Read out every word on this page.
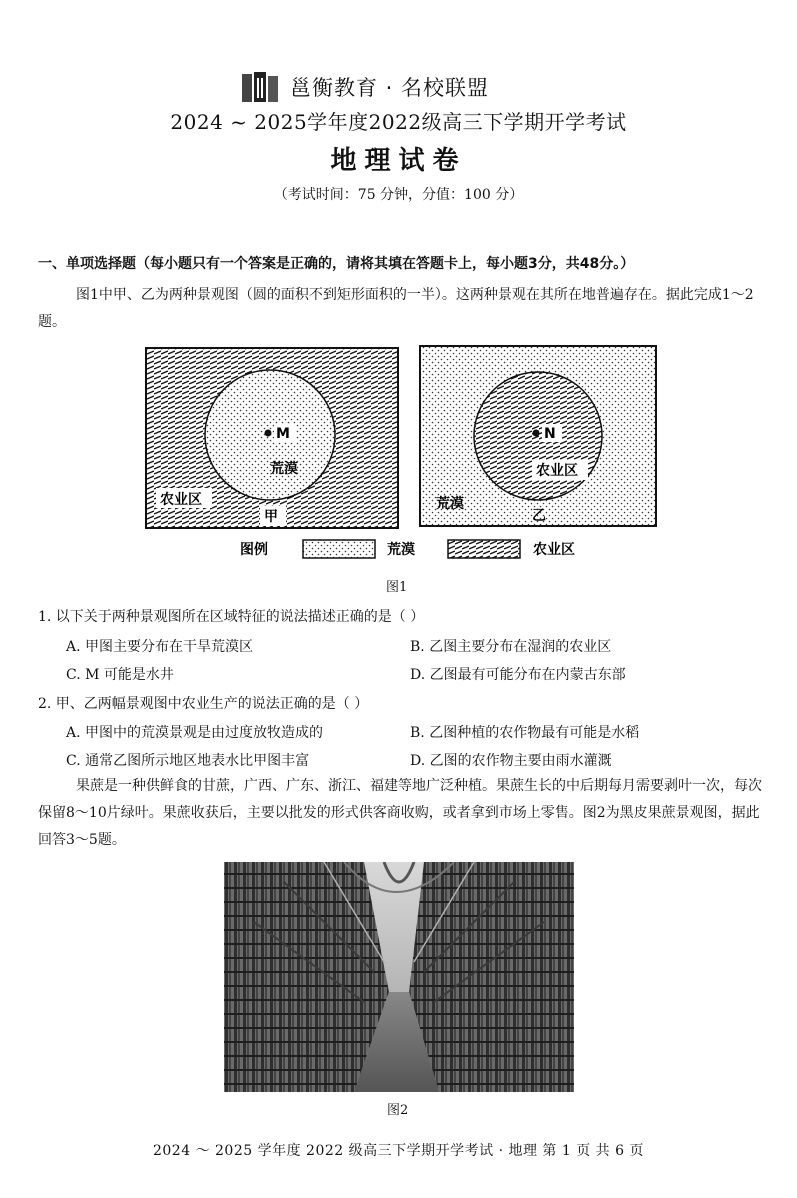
邕衡教育 · 名校联盟
2024 ~ 2025学年度2022级高三下学期开学考试
地理试卷
（考试时间：75 分钟，分值：100 分）
一、单项选择题（每小题只有一个答案是正确的，请将其填在答题卡上，每小题3分，共48分。）
图1中甲、乙为两种景观图（圆的面积不到矩形面积的一半）。这两种景观在其所在地普遍存在。据此完成1～2题。
M
荒漠
农业区
甲
N
农业区
荒漠
乙
图例	荒漠	农业区
图1
1. 以下关于两种景观图所在区域特征的说法描述正确的是（ ）
A. 甲图主要分布在干旱荒漠区	B. 乙图主要分布在湿润的农业区
C. M 可能是水井	D. 乙图最有可能分布在内蒙古东部
2. 甲、乙两幅景观图中农业生产的说法正确的是（ ）
A. 甲图中的荒漠景观是由过度放牧造成的	B. 乙图种植的农作物最有可能是水稻
C. 通常乙图所示地区地表水比甲图丰富	D. 乙图的农作物主要由雨水灌溉
果蔗是一种供鲜食的甘蔗，广西、广东、浙江、福建等地广泛种植。果蔗生长的中后期每月需要剥叶一次，每次保留8～10片绿叶。果蔗收获后，主要以批发的形式供客商收购，或者拿到市场上零售。图2为黑皮果蔗景观图，据此回答3～5题。
图2
2024 ～ 2025 学年度 2022 级高三下学期开学考试 · 地理 第 1 页 共 6 页
